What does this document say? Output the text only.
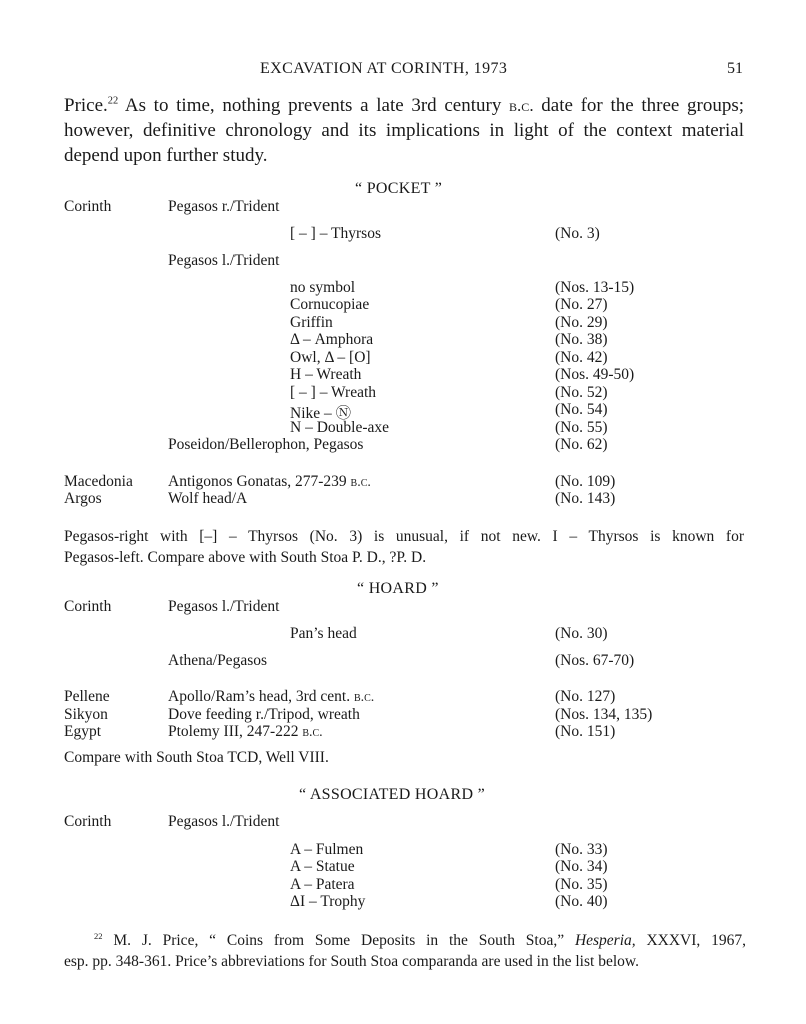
EXCAVATION AT CORINTH, 1973	51
Price.$^{22}$ As to time, nothing prevents a late 3rd century b.c. date for the three groups;
however, definitive chronology and its implications in light of the context material
depend upon further study.
“ POCKET ”
Corinth	Pegasos r./Trident
[ – ] – Thyrsos	(No. 3)
Pegasos l./Trident
no symbol	(Nos. 13-15)
Cornucopiae	(No. 27)
Griffin	(No. 29)
Δ – Amphora	(No. 38)
Owl, Δ – [O]	(No. 42)
H – Wreath	(Nos. 49-50)
[ – ] – Wreath	(No. 52)
Nike – Ⓝ	(No. 54)
N – Double-axe	(No. 55)
Poseidon/Bellerophon, Pegasos	(No. 62)
Macedonia Antigonos Gonatas, 277-239 b.c.	(No. 109)
Argos	Wolf head/A	(No. 143)
Pegasos-right with [–] – Thyrsos (No. 3) is unusual, if not new. I – Thyrsos is known for
Pegasos-left. Compare above with South Stoa P. D., ?P. D.
“ HOARD ”
Corinth	Pegasos l./Trident
Pan’s head	(No. 30)
Athena/Pegasos	(Nos. 67-70)
Pellene	Apollo/Ram’s head, 3rd cent. b.c.	(No. 127)
Sikyon	Dove feeding r./Tripod, wreath	(Nos. 134, 135)
Egypt	Ptolemy III, 247-222 b.c.	(No. 151)
Compare with South Stoa TCD, Well VIII.
“ ASSOCIATED HOARD ”
Corinth	Pegasos l./Trident
A – Fulmen	(No. 33)
A – Statue	(No. 34)
A – Patera	(No. 35)
ΔI – Trophy	(No. 40)
$^{22}$ M. J. Price, “ Coins from Some Deposits in the South Stoa,” Hesperia, XXXVI, 1967,
esp. pp. 348-361. Price’s abbreviations for South Stoa comparanda are used in the list below.
